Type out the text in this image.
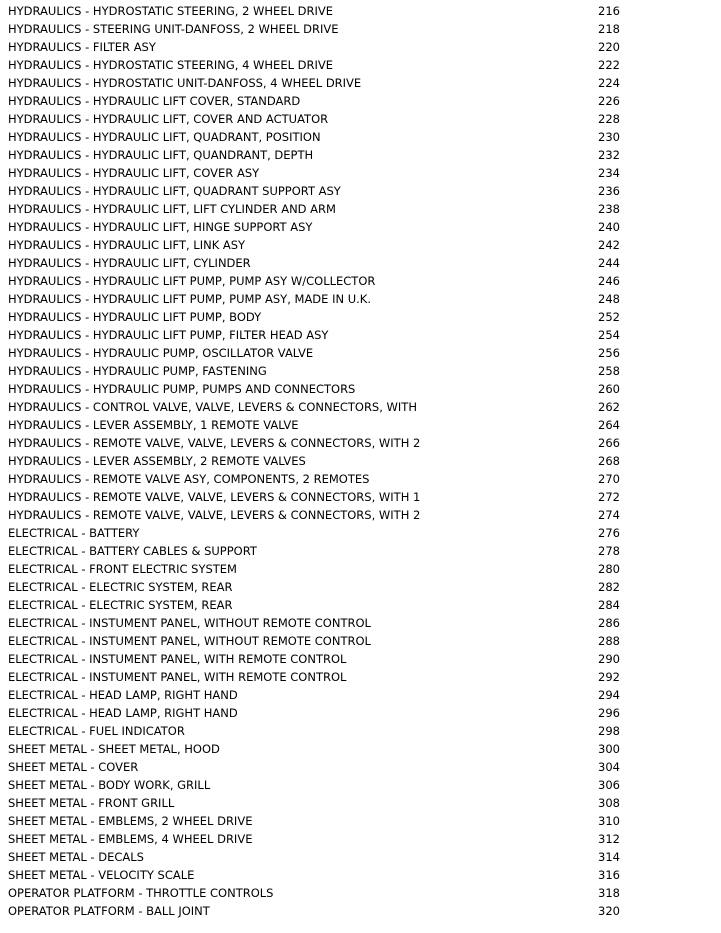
HYDRAULICS - HYDROSTATIC STEERING, 2 WHEEL DRIVE	216
HYDRAULICS - STEERING UNIT-DANFOSS, 2 WHEEL DRIVE	218
HYDRAULICS - FILTER ASY	220
HYDRAULICS - HYDROSTATIC STEERING, 4 WHEEL DRIVE	222
HYDRAULICS - HYDROSTATIC UNIT-DANFOSS, 4 WHEEL DRIVE	224
HYDRAULICS - HYDRAULIC LIFT COVER, STANDARD	226
HYDRAULICS - HYDRAULIC LIFT, COVER AND ACTUATOR	228
HYDRAULICS - HYDRAULIC LIFT, QUADRANT, POSITION	230
HYDRAULICS - HYDRAULIC LIFT, QUANDRANT, DEPTH	232
HYDRAULICS - HYDRAULIC LIFT, COVER ASY	234
HYDRAULICS - HYDRAULIC LIFT, QUADRANT SUPPORT ASY	236
HYDRAULICS - HYDRAULIC LIFT, LIFT CYLINDER AND ARM	238
HYDRAULICS - HYDRAULIC LIFT, HINGE SUPPORT ASY	240
HYDRAULICS - HYDRAULIC LIFT, LINK ASY	242
HYDRAULICS - HYDRAULIC LIFT, CYLINDER	244
HYDRAULICS - HYDRAULIC LIFT PUMP, PUMP ASY W/COLLECTOR	246
HYDRAULICS - HYDRAULIC LIFT PUMP, PUMP ASY, MADE IN U.K.	248
HYDRAULICS - HYDRAULIC LIFT PUMP, BODY	252
HYDRAULICS - HYDRAULIC LIFT PUMP, FILTER HEAD ASY	254
HYDRAULICS - HYDRAULIC PUMP, OSCILLATOR VALVE	256
HYDRAULICS - HYDRAULIC PUMP, FASTENING	258
HYDRAULICS - HYDRAULIC PUMP, PUMPS AND CONNECTORS	260
HYDRAULICS - CONTROL VALVE, VALVE, LEVERS & CONNECTORS, WITH	262
HYDRAULICS - LEVER ASSEMBLY, 1 REMOTE VALVE	264
HYDRAULICS - REMOTE VALVE, VALVE, LEVERS & CONNECTORS, WITH 2	266
HYDRAULICS - LEVER ASSEMBLY, 2 REMOTE VALVES	268
HYDRAULICS - REMOTE VALVE ASY, COMPONENTS, 2 REMOTES	270
HYDRAULICS - REMOTE VALVE, VALVE, LEVERS & CONNECTORS, WITH 1	272
HYDRAULICS - REMOTE VALVE, VALVE, LEVERS & CONNECTORS, WITH 2	274
ELECTRICAL - BATTERY	276
ELECTRICAL - BATTERY CABLES & SUPPORT	278
ELECTRICAL - FRONT ELECTRIC SYSTEM	280
ELECTRICAL - ELECTRIC SYSTEM, REAR	282
ELECTRICAL - ELECTRIC SYSTEM, REAR	284
ELECTRICAL - INSTUMENT PANEL, WITHOUT REMOTE CONTROL	286
ELECTRICAL - INSTUMENT PANEL, WITHOUT REMOTE CONTROL	288
ELECTRICAL - INSTUMENT PANEL, WITH REMOTE CONTROL	290
ELECTRICAL - INSTUMENT PANEL, WITH REMOTE CONTROL	292
ELECTRICAL - HEAD LAMP, RIGHT HAND	294
ELECTRICAL - HEAD LAMP, RIGHT HAND	296
ELECTRICAL - FUEL INDICATOR	298
SHEET METAL - SHEET METAL, HOOD	300
SHEET METAL - COVER	304
SHEET METAL - BODY WORK, GRILL	306
SHEET METAL - FRONT GRILL	308
SHEET METAL - EMBLEMS, 2 WHEEL DRIVE	310
SHEET METAL - EMBLEMS, 4 WHEEL DRIVE	312
SHEET METAL - DECALS	314
SHEET METAL - VELOCITY SCALE	316
OPERATOR PLATFORM - THROTTLE CONTROLS	318
OPERATOR PLATFORM - BALL JOINT	320
